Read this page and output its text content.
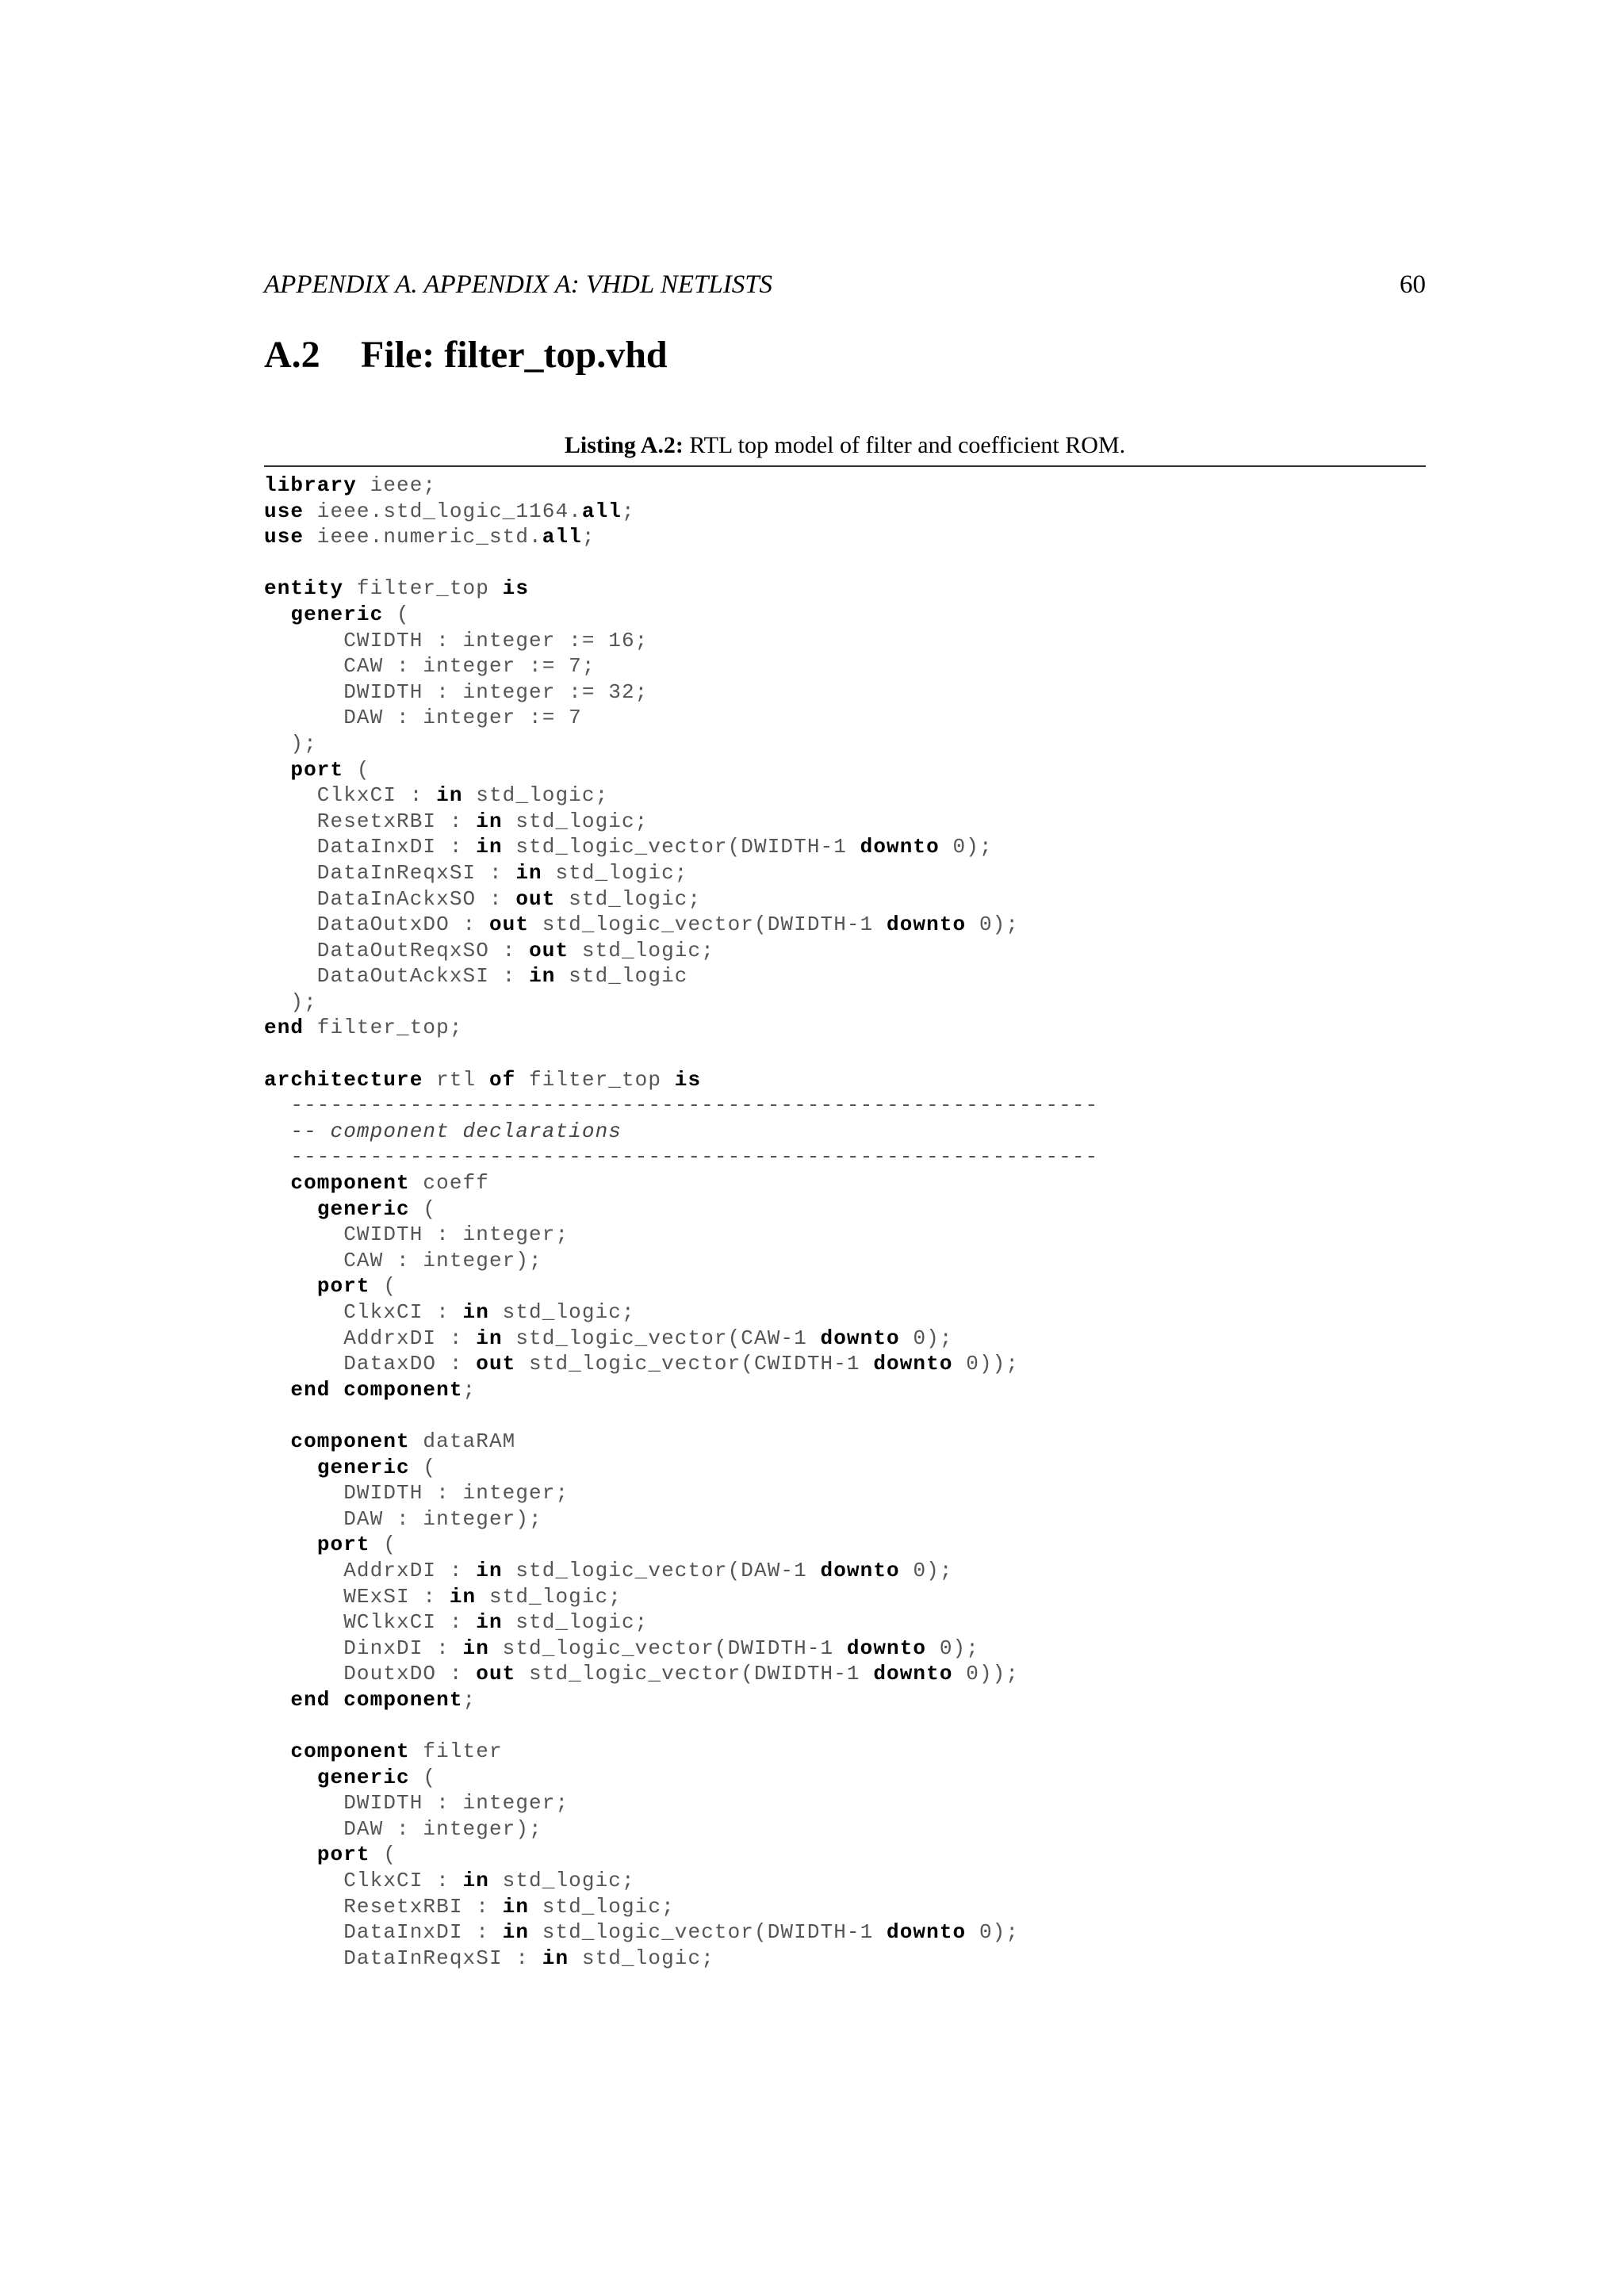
APPENDIX A. APPENDIX A: VHDL NETLISTS	60
A.2 File: filter_top.vhd
Listing A.2: RTL top model of filter and coefficient ROM.
library ieee;
use ieee.std_logic_1164.all;
use ieee.numeric_std.all;
entity filter_top is
generic (
CWIDTH : integer := 16;
CAW : integer := 7;
DWIDTH : integer := 32;
DAW : integer := 7
);
port (
ClkxCI : in std_logic;
ResetxRBI : in std_logic;
DataInxDI : in std_logic_vector(DWIDTH-1 downto 0);
DataInReqxSI : in std_logic;
DataInAckxSO : out std_logic;
DataOutxDO : out std_logic_vector(DWIDTH-1 downto 0);
DataOutReqxSO : out std_logic;
DataOutAckxSI : in std_logic
);
end filter_top;
architecture rtl of filter_top is
-------------------------------------------------------------
-- component declarations
-------------------------------------------------------------
component coeff
generic (
CWIDTH : integer;
CAW : integer);
port (
ClkxCI : in std_logic;
AddrxDI : in std_logic_vector(CAW-1 downto 0);
DataxDO : out std_logic_vector(CWIDTH-1 downto 0));
end component;
component dataRAM
generic (
DWIDTH : integer;
DAW : integer);
port (
AddrxDI : in std_logic_vector(DAW-1 downto 0);
WExSI : in std_logic;
WClkxCI : in std_logic;
DinxDI : in std_logic_vector(DWIDTH-1 downto 0);
DoutxDO : out std_logic_vector(DWIDTH-1 downto 0));
end component;
component filter
generic (
DWIDTH : integer;
DAW : integer);
port (
ClkxCI : in std_logic;
ResetxRBI : in std_logic;
DataInxDI : in std_logic_vector(DWIDTH-1 downto 0);
DataInReqxSI : in std_logic;
